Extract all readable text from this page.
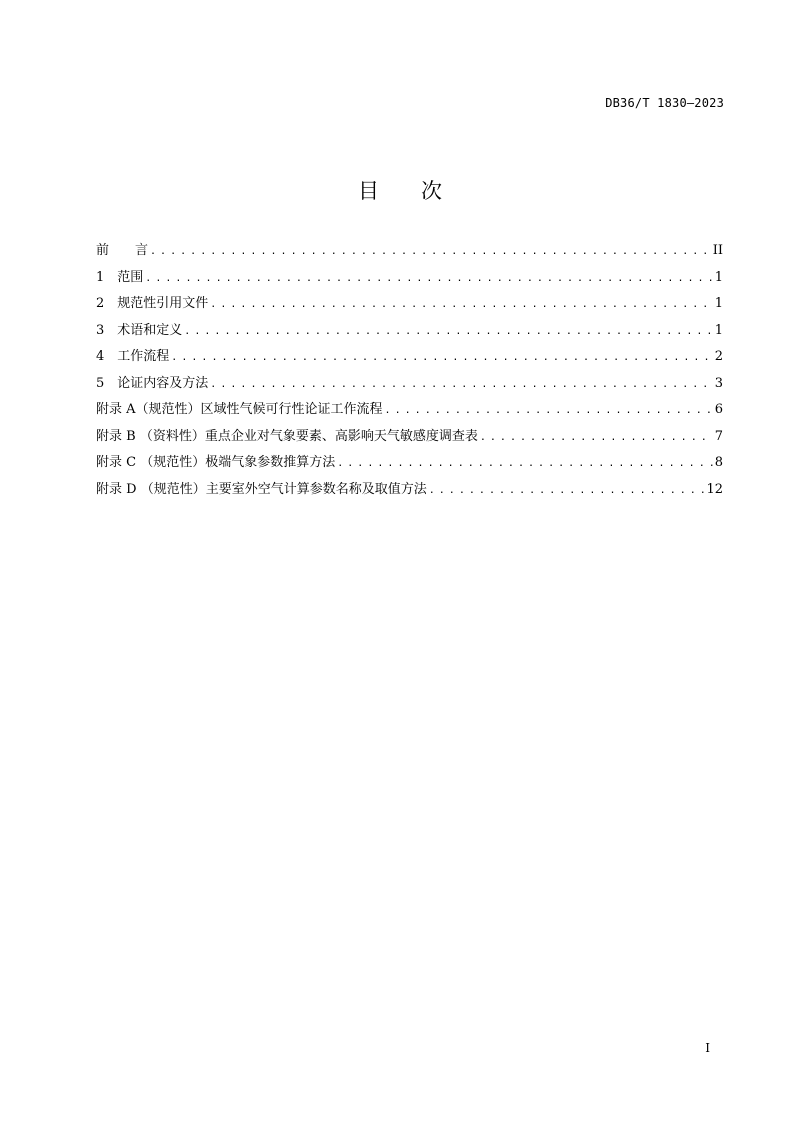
DB36/T 1830—2023
目 次
前　　言 . . .	II
1　范围 . . .	1
2　规范性引用文件 . . .	1
3　术语和定义 . . .	1
4　工作流程 . . .	2
5　论证内容及方法 . . .	3
附录 A（规范性）区域性气候可行性论证工作流程 . . .	6
附录 B （资料性）重点企业对气象要素、高影响天气敏感度调查表 . . .	7
附录 C （规范性）极端气象参数推算方法 . . .	8
附录 D （规范性）主要室外空气计算参数名称及取值方法 . . .	12
I
